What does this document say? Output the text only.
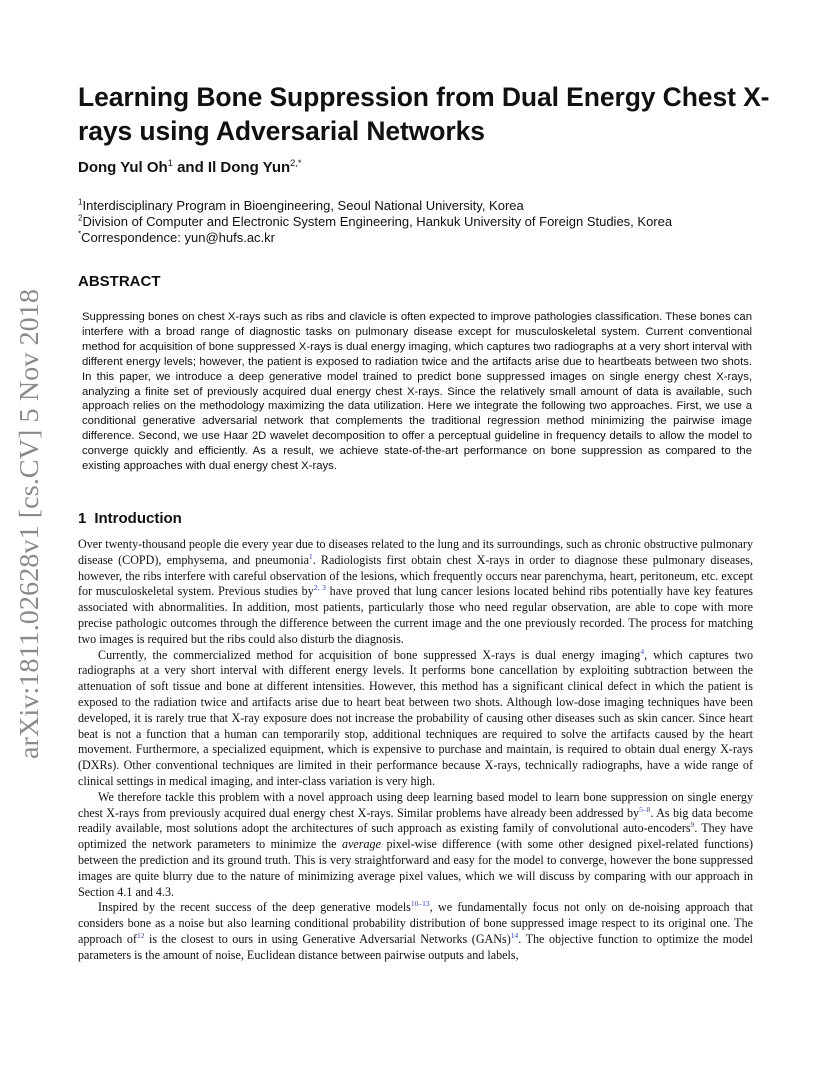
arXiv:1811.02628v1 [cs.CV] 5 Nov 2018
Learning Bone Suppression from Dual Energy Chest X-rays using Adversarial Networks
Dong Yul Oh$^1$ and Il Dong Yun$^{2,*}$
$^1$Interdisciplinary Program in Bioengineering, Seoul National University, Korea
$^2$Division of Computer and Electronic System Engineering, Hankuk University of Foreign Studies, Korea
*Correspondence: yun@hufs.ac.kr
ABSTRACT

Suppressing bones on chest X-rays such as ribs and clavicle is often expected to improve pathologies classification. These bones can interfere with a broad range of diagnostic tasks on pulmonary disease except for musculoskeletal system. Current conventional method for acquisition of bone suppressed X-rays is dual energy imaging, which captures two radiographs at a very short interval with different energy levels; however, the patient is exposed to radiation twice and the artifacts arise due to heartbeats between two shots. In this paper, we introduce a deep generative model trained to predict bone suppressed images on single energy chest X-rays, analyzing a finite set of previously acquired dual energy chest X-rays. Since the relatively small amount of data is available, such approach relies on the methodology maximizing the data utilization. Here we integrate the following two approaches. First, we use a conditional generative adversarial network that complements the traditional regression method minimizing the pairwise image difference. Second, we use Haar 2D wavelet decomposition to offer a perceptual guideline in frequency details to allow the model to converge quickly and efficiently. As a result, we achieve state-of-the-art performance on bone suppression as compared to the existing approaches with dual energy chest X-rays.

1 Introduction

Over twenty-thousand people die every year due to diseases related to the lung and its surroundings, such as chronic obstructive pulmonary disease (COPD), emphysema, and pneumonia$^1$. Radiologists first obtain chest X-rays in order to diagnose these pulmonary diseases, however, the ribs interfere with careful observation of the lesions, which frequently occurs near parenchyma, heart, peritoneum, etc. except for musculoskeletal system. Previous studies by$^{2, 3}$ have proved that lung cancer lesions located behind ribs potentially have key features associated with abnormalities. In addition, most patients, particularly those who need regular observation, are able to cope with more precise pathologic outcomes through the difference between the current image and the one previously recorded. The process for matching two images is required but the ribs could also disturb the diagnosis.

Currently, the commercialized method for acquisition of bone suppressed X-rays is dual energy imaging$^4$, which captures two radiographs at a very short interval with different energy levels. It performs bone cancellation by exploiting subtraction between the attenuation of soft tissue and bone at different intensities. However, this method has a significant clinical defect in which the patient is exposed to the radiation twice and artifacts arise due to heart beat between two shots. Although low-dose imaging techniques have been developed, it is rarely true that X-ray exposure does not increase the probability of causing other diseases such as skin cancer. Since heart beat is not a function that a human can temporarily stop, additional techniques are required to solve the artifacts caused by the heart movement. Furthermore, a specialized equipment, which is expensive to purchase and maintain, is required to obtain dual energy X-rays (DXRs). Other conventional techniques are limited in their performance because X-rays, technically radiographs, have a wide range of clinical settings in medical imaging, and inter-class variation is very high.

We therefore tackle this problem with a novel approach using deep learning based model to learn bone suppression on single energy chest X-rays from previously acquired dual energy chest X-rays. Similar problems have already been addressed by$^{5-8}$. As big data become readily available, most solutions adopt the architectures of such approach as existing family of convolutional auto-encoders$^9$. They have optimized the network parameters to minimize the average pixel-wise difference (with some other designed pixel-related functions) between the prediction and its ground truth. This is very straightforward and easy for the model to converge, however the bone suppressed images are quite blurry due to the nature of minimizing average pixel values, which we will discuss by comparing with our approach in Section 4.1 and 4.3.

Inspired by the recent success of the deep generative models$^{10-13}$, we fundamentally focus not only on de-noising approach that considers bone as a noise but also learning conditional probability distribution of bone suppressed image respect to its original one. The approach of$^{12}$ is the closest to ours in using Generative Adversarial Networks (GANs)$^{14}$. The objective function to optimize the model parameters is the amount of noise, Euclidean distance between pairwise outputs and labels,
